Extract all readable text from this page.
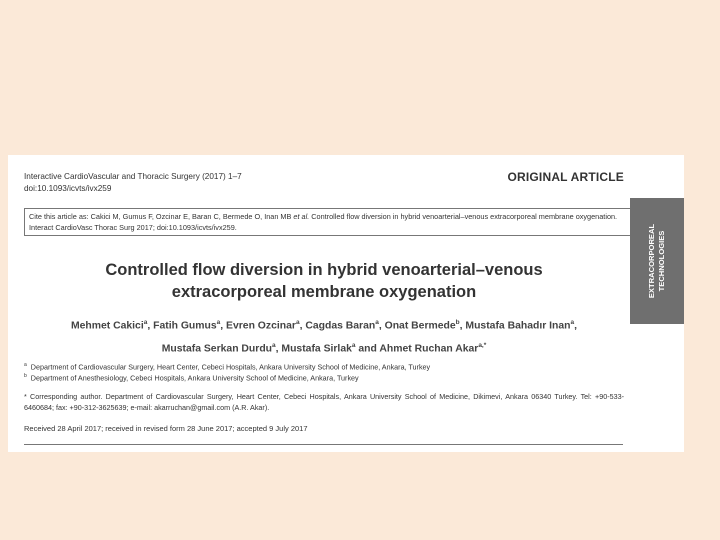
Interactive CardioVascular and Thoracic Surgery (2017) 1–7
doi:10.1093/icvts/ivx259
ORIGINAL ARTICLE
Cite this article as: Cakici M, Gumus F, Ozcinar E, Baran C, Bermede O, Inan MB et al. Controlled flow diversion in hybrid venoarterial–venous extracorporeal membrane oxygenation. Interact CardioVasc Thorac Surg 2017; doi:10.1093/icvts/ivx259.	EXTRACORPOREAL TECHNOLOGIES
Controlled flow diversion in hybrid venoarterial–venous
extracorporeal membrane oxygenation
Mehmet Cakici$^a$, Fatih Gumus$^a$, Evren Ozcinar$^a$, Cagdas Baran$^a$, Onat Bermede$^b$, Mustafa Bahadır Inan$^a$,
Mustafa Serkan Durdu$^a$, Mustafa Sirlak$^a$ and Ahmet Ruchan Akar$^{a,*}$
$^a$ Department of Cardiovascular Surgery, Heart Center, Cebeci Hospitals, Ankara University School of Medicine, Ankara, Turkey
$^b$ Department of Anesthesiology, Cebeci Hospitals, Ankara University School of Medicine, Ankara, Turkey
* Corresponding author. Department of Cardiovascular Surgery, Heart Center, Cebeci Hospitals, Ankara University School of Medicine, Dikimevi, Ankara 06340 Turkey. Tel: +90-533-6460684; fax: +90-312-3625639; e-mail: akarruchan@gmail.com (A.R. Akar).
Received 28 April 2017; received in revised form 28 June 2017; accepted 9 July 2017
